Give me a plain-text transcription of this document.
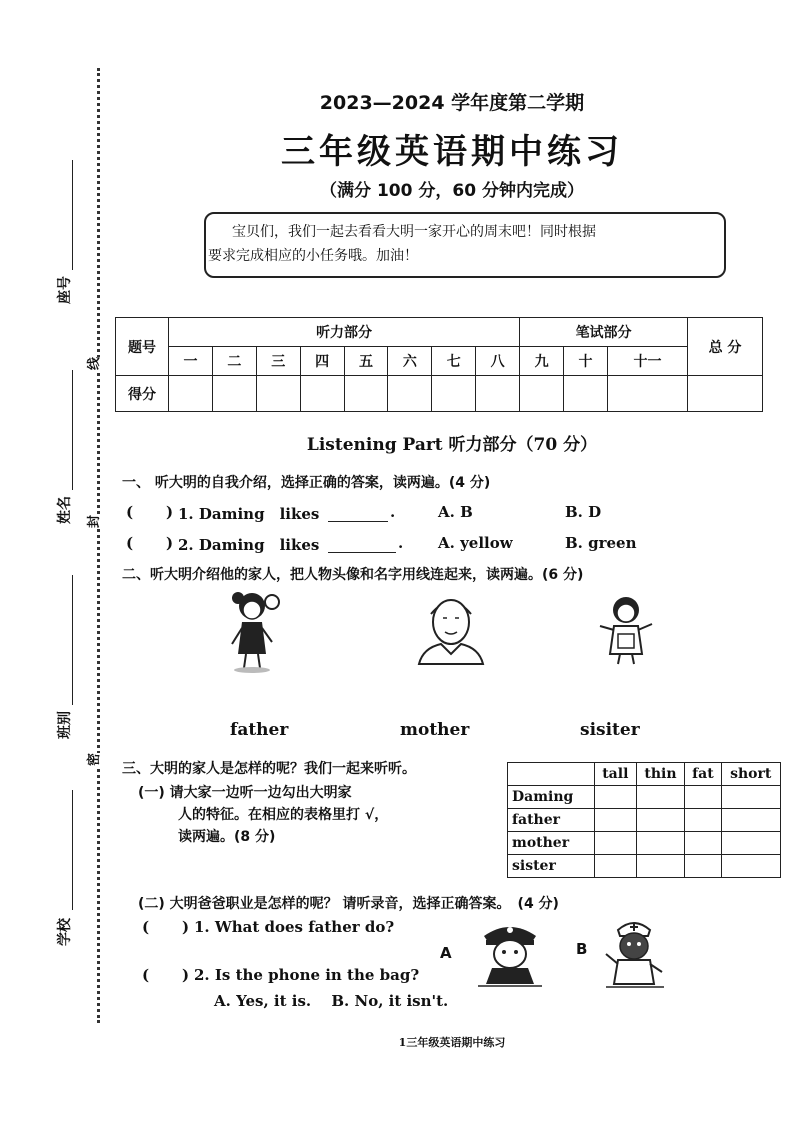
线
封
密
座号
姓名
班别
学校
2023—2024 学年度第二学期
三年级英语期中练习
（满分 100 分，60 分钟内完成）
宝贝们，我们一起去看看大明一家开心的周末吧！同时根据
要求完成相应的小任务哦。加油！
题号	听力部分								笔试部分			总 分
	一	二	三	四	五	六	七	八	九	十	十一	
得分												
Listening Part 听力部分（70 分）
一、 听大明的自我介绍，选择正确的答案，读两遍。(4 分)
( ) 1. Daming　likes	.	A. B	B. D
( ) 2. Daming　likes	. A. yellow	B. green
二、听大明介绍他的家人，把人物头像和名字用线连起来，读两遍。(6 分)
father	mother	sisiter
三、大明的家人是怎样的呢？我们一起来听听。
(一) 请大家一边听一边勾出大明家
人的特征。在相应的表格里打 √，
读两遍。(8 分)
	tall	thin	fat	short
Daming				
father				
mother				
sister				
(二) 大明爸爸职业是怎样的呢？ 请听录音，选择正确答案。　(4 分)
( ) 1. What does father do?
( ) 2. Is the phone in the bag?
A. Yes, it is.　 B. No, it isn't.
A	B
1三年级英语期中练习
